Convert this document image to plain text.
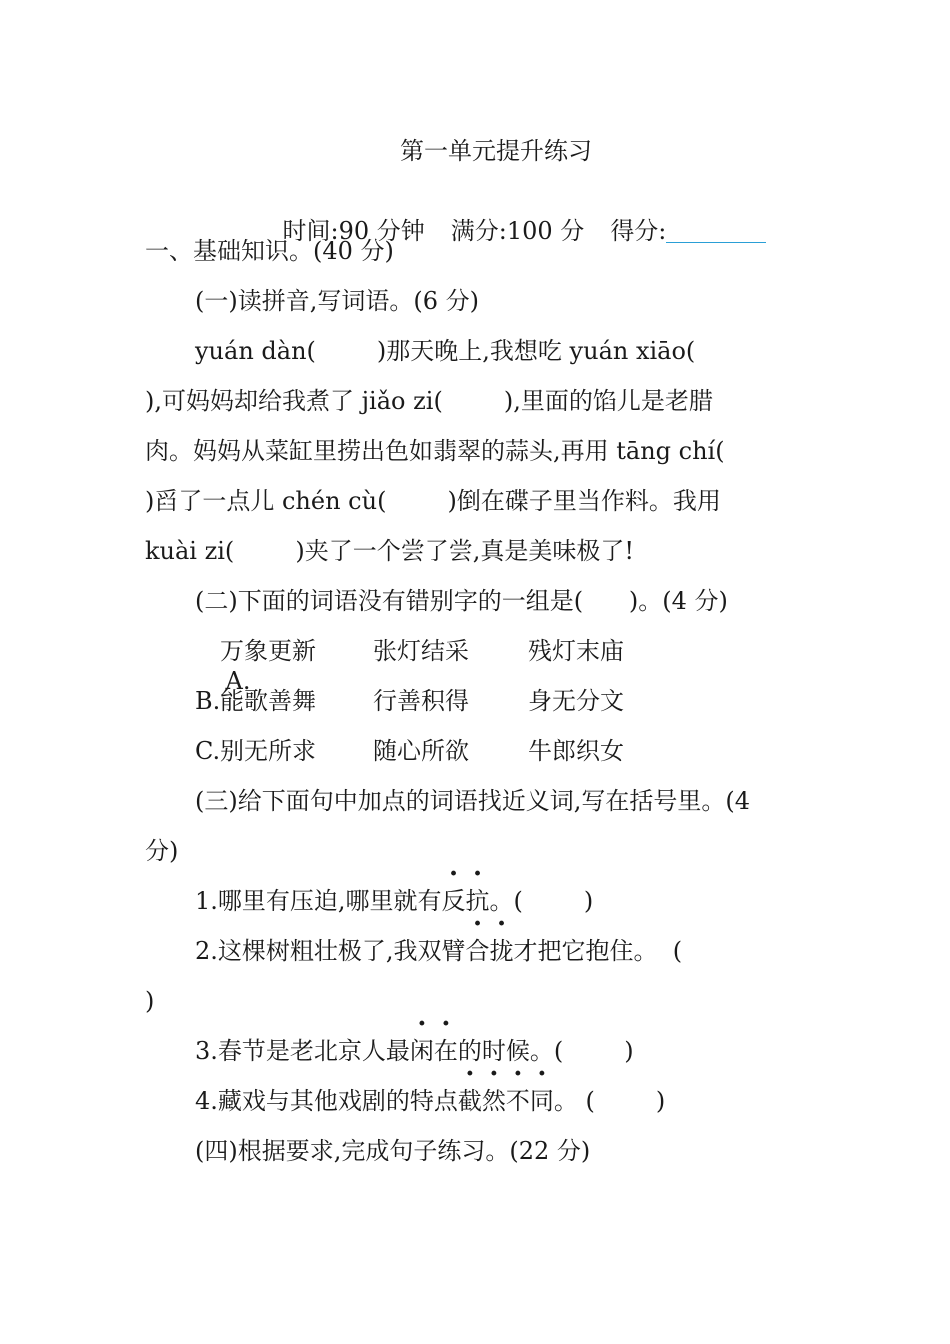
第一单元提升练习

时间:90 分钟 满分:100 分 得分:

一、基础知识。(40 分)
(一)读拼音,写词语。(6 分)
yuán dàn(        )那天晚上,我想吃 yuán xiāo(
),可妈妈却给我煮了 jiǎo zi(        ),里面的馅儿是老腊
肉。妈妈从菜缸里捞出色如翡翠的蒜头,再用 tāng chí(
)舀了一点儿 chén cù(        )倒在碟子里当作料。我用
kuài zi(        )夹了一个尝了尝,真是美味极了!
(二)下面的词语没有错别字的一组是(      )。(4 分)

A.

万象更新 张灯结采 残灯末庙
B. 能歌善舞 行善积得 身无分文
C. 别无所求 随心所欲 牛郎织女
(三)给下面句中加点的词语找近义词,写在括号里。(4
分)
1.哪里有压迫,哪里就有反抗。(        )
2.这棵树粗壮极了,我双臂合拢才把它抱住。  (
)
3.春节是老北京人最闲在的时候。(        )
4.藏戏与其他戏剧的特点截然不同。 (        )
(四)根据要求,完成句子练习。(22 分)
